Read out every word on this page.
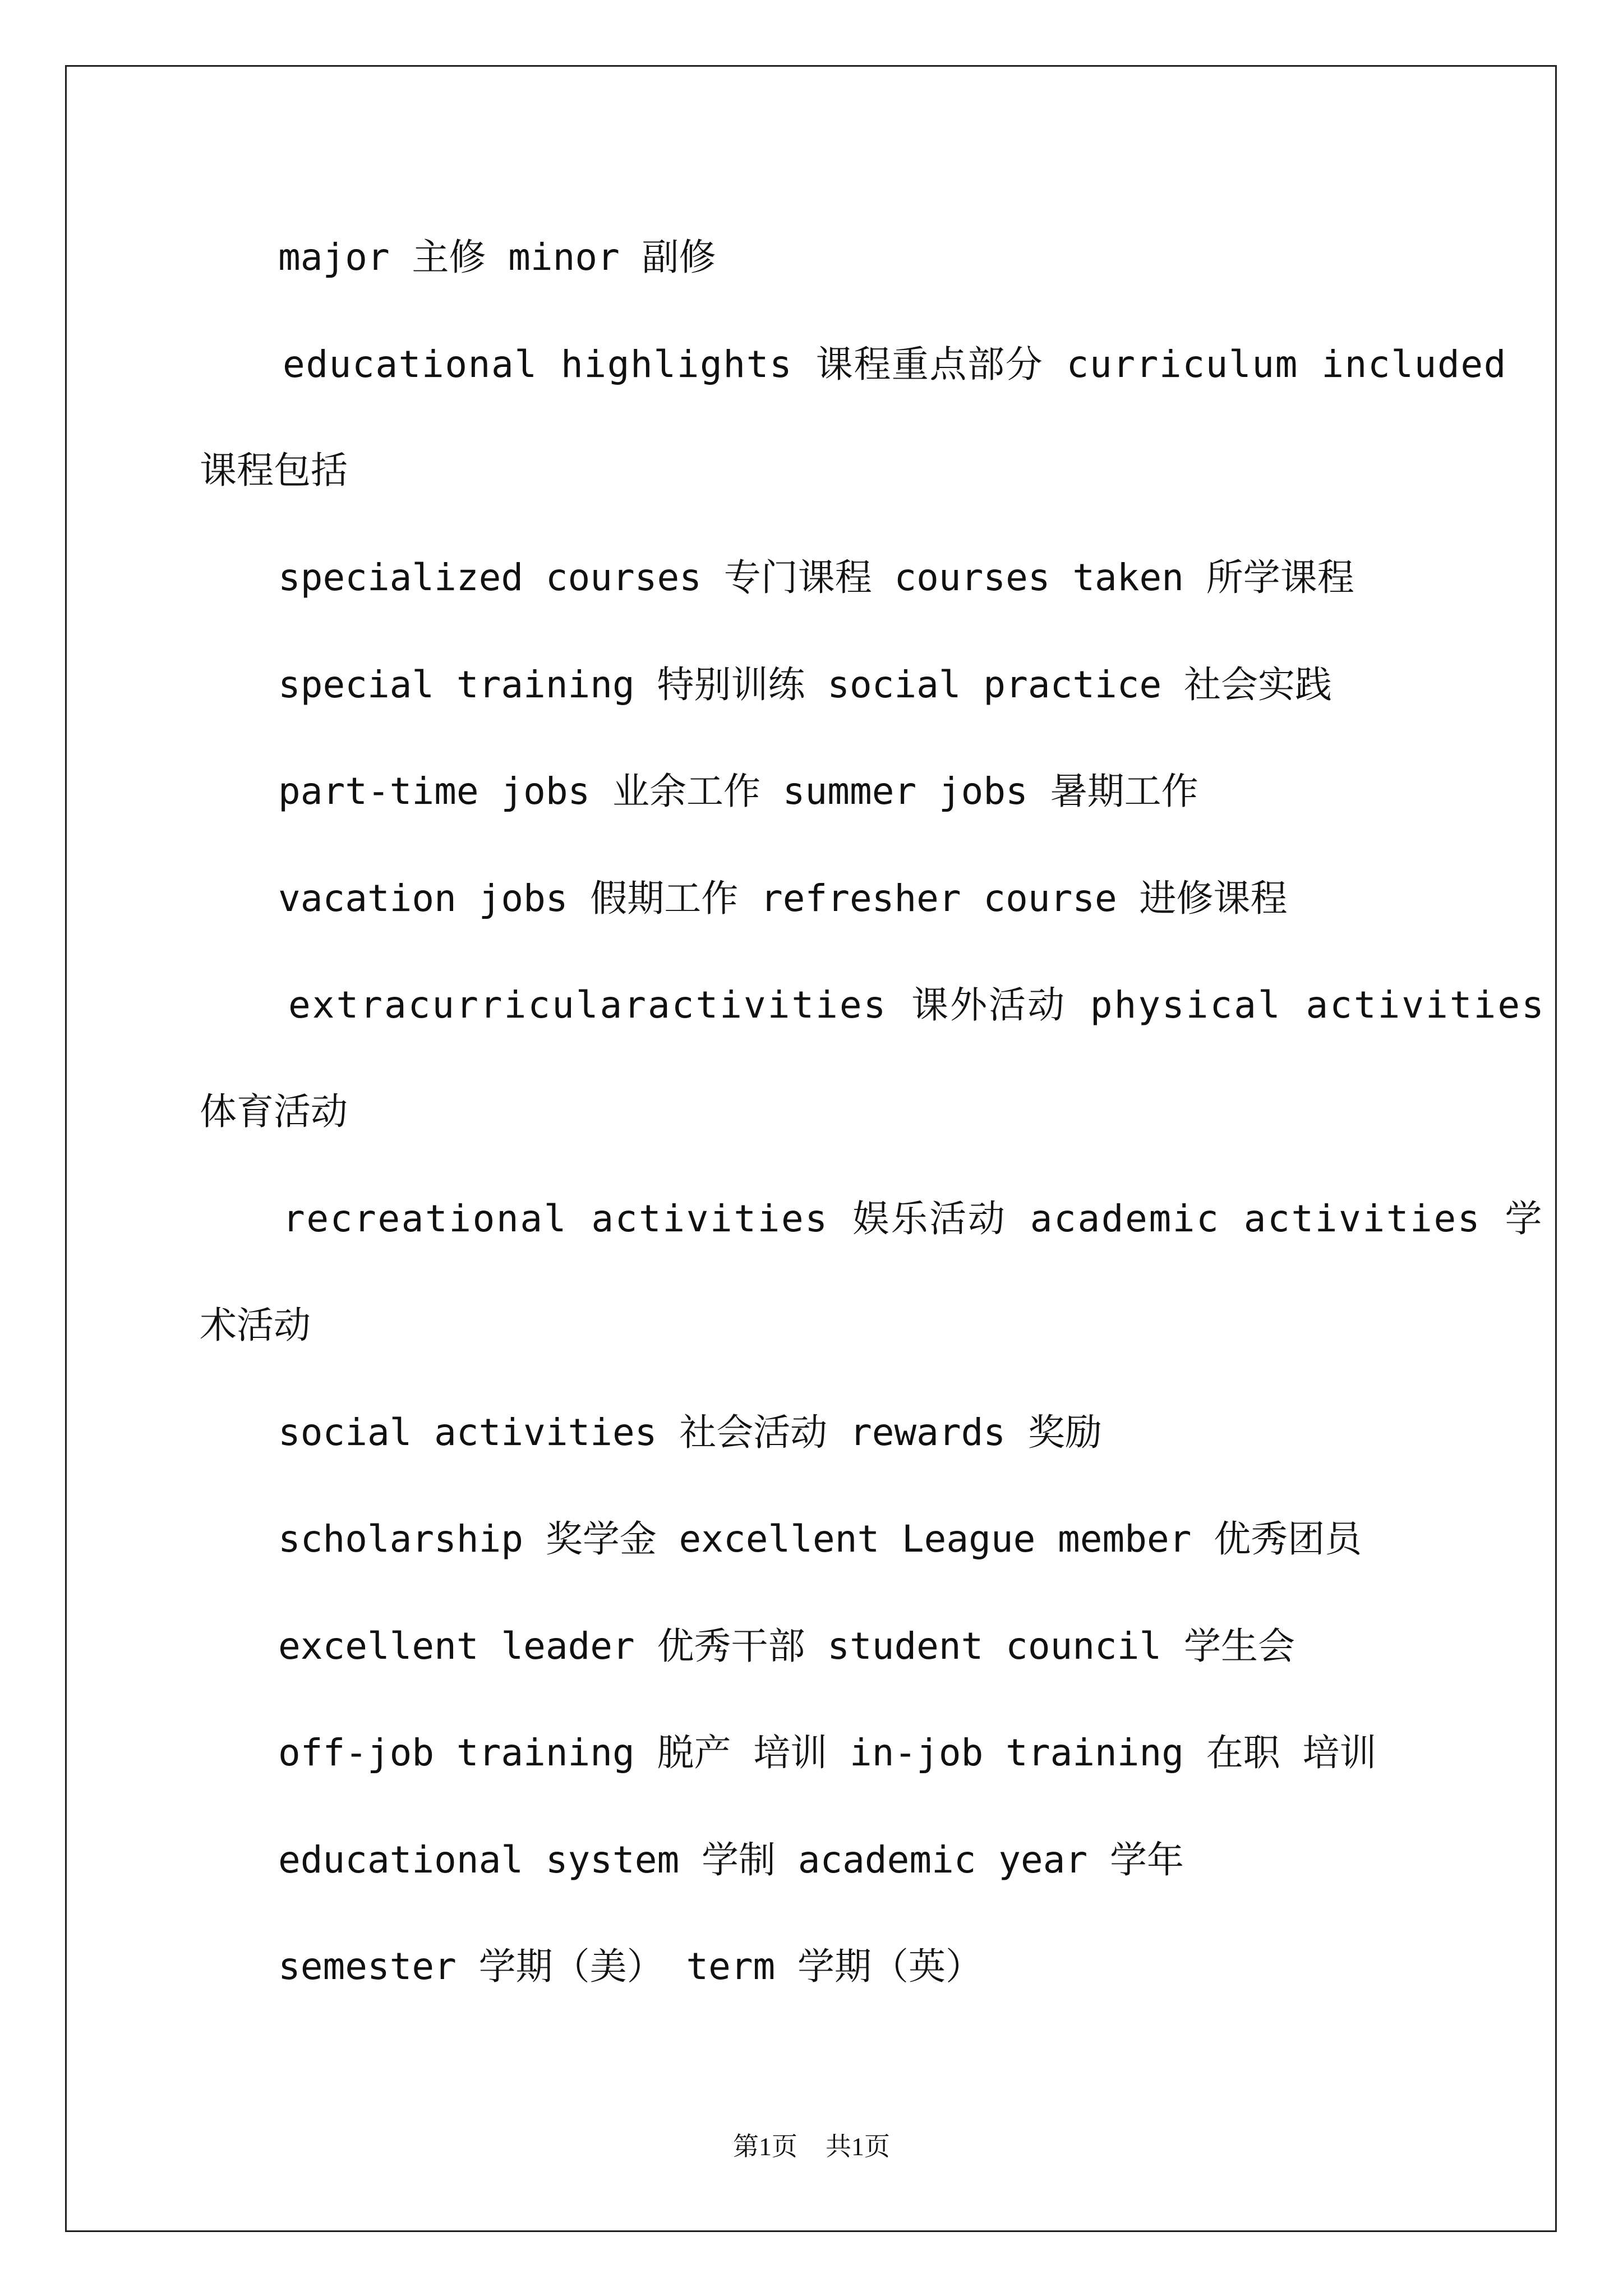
major 主修 minor 副修
educational highlights 课程重点部分 curriculum included
课程包括
specialized courses 专门课程 courses taken 所学课程
special training 特别训练 social practice 社会实践
part-time jobs 业余工作 summer jobs 暑期工作
vacation jobs 假期工作 refresher course 进修课程
extracurricularactivities 课外活动 physical activities
体育活动
recreational activities 娱乐活动 academic activities 学
术活动
social activities 社会活动 rewards 奖励
scholarship 奖学金 excellent League member 优秀团员
excellent leader 优秀干部 student council 学生会
off-job training 脱产 培训 in-job training 在职 培训
educational system 学制 academic year 学年
semester 学期（美） term 学期（英）
第1页 共1页
